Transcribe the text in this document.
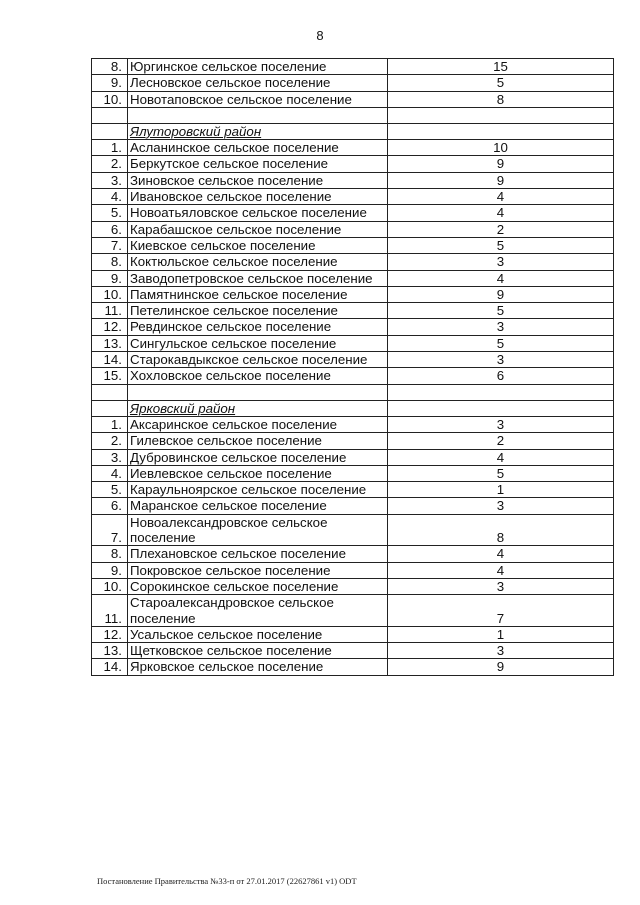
8
8.	Юргинское сельское поселение	15
9.	Лесновское сельское поселение	5
10.	Новотаповское сельское поселение	8

	Ялуторовский район	
1.	Асланинское сельское поселение	10
2.	Беркутское сельское поселение	9
3.	Зиновское сельское поселение	9
4.	Ивановское сельское поселение	4
5.	Новоатьяловское сельское поселение	4
6.	Карабашское сельское поселение	2
7.	Киевское сельское поселение	5
8.	Коктюльское сельское поселение	3
9.	Заводопетровское сельское поселение	4
10.	Памятнинское сельское поселение	9
11.	Петелинское сельское поселение	5
12.	Ревдинское сельское поселение	3
13.	Сингульское сельское поселение	5
14.	Старокавдыкское сельское поселение	3
15.	Хохловское сельское поселение	6

	Ярковский район	
1.	Аксаринское сельское поселение	3
2.	Гилевское сельское поселение	2
3.	Дубровинское сельское поселение	4
4.	Иевлевское сельское поселение	5
5.	Караульноярское сельское поселение	1
6.	Маранское сельское поселение	3
7.	Новоалександровское сельское поселение	8
8.	Плехановское сельское поселение	4
9.	Покровское сельское поселение	4
10.	Сорокинское сельское поселение	3
11.	Староалександровское сельское поселение	7
12.	Усальское сельское поселение	1
13.	Щетковское сельское поселение	3
14.	Ярковское сельское поселение	9
Постановление Правительства №33-п от 27.01.2017 (22627861 v1) ODT
